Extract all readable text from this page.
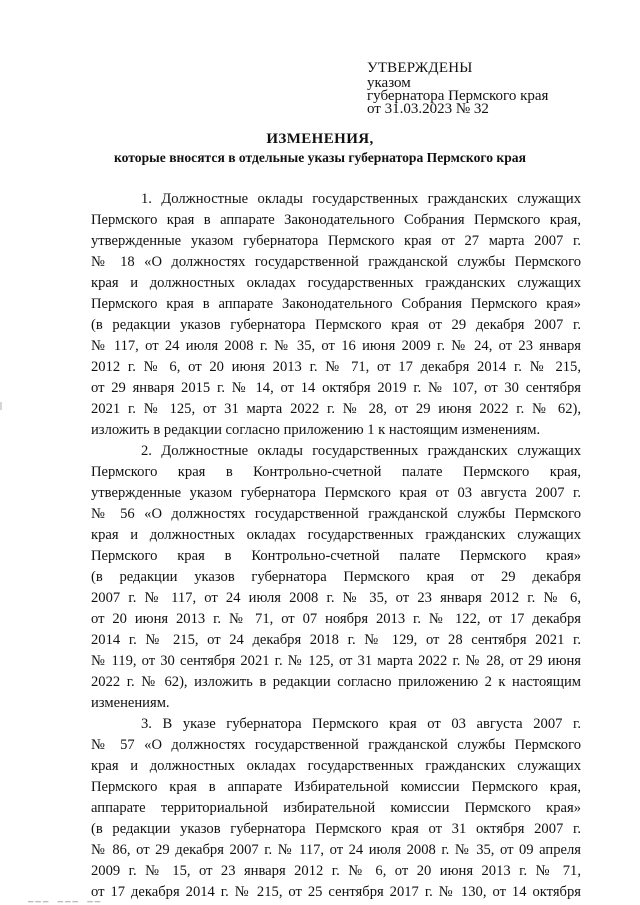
УТВЕРЖДЕНЫ
указом
губернатора Пермского края
от 31.03.2023 № 32
ИЗМЕНЕНИЯ,
которые вносятся в отдельные указы губернатора Пермского края
1. Должностные оклады государственных гражданских служащих
Пермского края в аппарате Законодательного Собрания Пермского края,
утвержденные указом губернатора Пермского края от 27 марта 2007 г.
№ 18 «О должностях государственной гражданской службы Пермского
края и должностных окладах государственных гражданских служащих
Пермского края в аппарате Законодательного Собрания Пермского края»
(в редакции указов губернатора Пермского края от 29 декабря 2007 г.
№ 117, от 24 июля 2008 г. № 35, от 16 июня 2009 г. № 24, от 23 января
2012 г. № 6, от 20 июня 2013 г. № 71, от 17 декабря 2014 г. № 215,
от 29 января 2015 г. № 14, от 14 октября 2019 г. № 107, от 30 сентября
2021 г. № 125, от 31 марта 2022 г. № 28, от 29 июня 2022 г. № 62),
изложить в редакции согласно приложению 1 к настоящим изменениям.
2. Должностные оклады государственных гражданских служащих
Пермского края в Контрольно-счетной палате Пермского края,
утвержденные указом губернатора Пермского края от 03 августа 2007 г.
№ 56 «О должностях государственной гражданской службы Пермского
края и должностных окладах государственных гражданских служащих
Пермского края в Контрольно-счетной палате Пермского края»
(в редакции указов губернатора Пермского края от 29 декабря
2007 г. № 117, от 24 июля 2008 г. № 35, от 23 января 2012 г. № 6,
от 20 июня 2013 г. № 71, от 07 ноября 2013 г. № 122, от 17 декабря
2014 г. № 215, от 24 декабря 2018 г. № 129, от 28 сентября 2021 г.
№ 119, от 30 сентября 2021 г. № 125, от 31 марта 2022 г. № 28, от 29 июня
2022 г. № 62), изложить в редакции согласно приложению 2 к настоящим
изменениям.
3. В указе губернатора Пермского края от 03 августа 2007 г.
№ 57 «О должностях государственной гражданской службы Пермского
края и должностных окладах государственных гражданских служащих
Пермского края в аппарате Избирательной комиссии Пермского края,
аппарате территориальной избирательной комиссии Пермского края»
(в редакции указов губернатора Пермского края от 31 октября 2007 г.
№ 86, от 29 декабря 2007 г. № 117, от 24 июля 2008 г. № 35, от 09 апреля
2009 г. № 15, от 23 января 2012 г. № 6, от 20 июня 2013 г. № 71,
от 17 декабря 2014 г. № 215, от 25 сентября 2017 г. № 130, от 14 октября
▁▁▁ ▁▁▁ ▁▁
